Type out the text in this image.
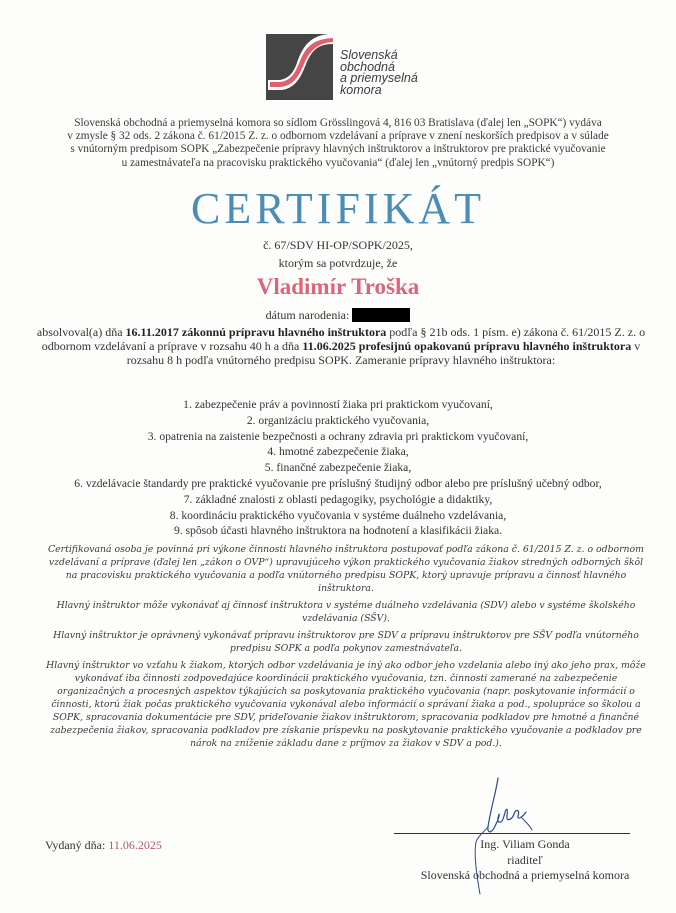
Slovenská
obchodná
a priemyselná
komora
Slovenská obchodná a priemyselná komora so sídlom Grösslingová 4, 816 03 Bratislava (ďalej len „SOPK“) vydáva
v zmysle § 32 ods. 2 zákona č. 61/2015 Z. z. o odbornom vzdelávaní a príprave v znení neskorších predpisov a v súlade
s vnútorným predpisom SOPK „Zabezpečenie prípravy hlavných inštruktorov a inštruktorov pre praktické vyučovanie
u zamestnávateľa na pracovisku praktického vyučovania“ (ďalej len „vnútorný predpis SOPK“)
CERTIFIKÁT
č. 67/SDV HI-OP/SOPK/2025,
ktorým sa potvrdzuje, že
Vladimír Troška
dátum narodenia:
absolvoval(a) dňa 16.11.2017 zákonnú prípravu hlavného inštruktora podľa § 21b ods. 1 písm. e) zákona č. 61/2015 Z. z. o odbornom vzdelávaní a príprave v rozsahu 40 h a dňa 11.06.2025 profesijnú opakovanú prípravu hlavného inštruktora v rozsahu 8 h podľa vnútorného predpisu SOPK. Zameranie prípravy hlavného inštruktora:
1. zabezpečenie práv a povinností žiaka pri praktickom vyučovaní,
2. organizáciu praktického vyučovania,
3. opatrenia na zaistenie bezpečnosti a ochrany zdravia pri praktickom vyučovaní,
4. hmotné zabezpečenie žiaka,
5. finančné zabezpečenie žiaka,
6. vzdelávacie štandardy pre praktické vyučovanie pre príslušný študijný odbor alebo pre príslušný učebný odbor,
7. základné znalosti z oblasti pedagogiky, psychológie a didaktiky,
8. koordináciu praktického vyučovania v systéme duálneho vzdelávania,
9. spôsob účasti hlavného inštruktora na hodnotení a klasifikácii žiaka.

Certifikovaná osoba je povinná pri výkone činnosti hlavného inštruktora postupovať podľa zákona č. 61/2015 Z. z. o odbornom vzdelávaní a príprave (ďalej len „zákon o OVP“) upravujúceho výkon praktického vyučovania žiakov stredných odborných škôl na pracovisku praktického vyučovania a podľa vnútorného predpisu SOPK, ktorý upravuje prípravu a činnosť hlavného inštruktora.

Hlavný inštruktor môže vykonávať aj činnosť inštruktora v systéme duálneho vzdelávania (SDV) alebo v systéme školského vzdelávania (SŠV).

Hlavný inštruktor je oprávnený vykonávať prípravu inštruktorov pre SDV a prípravu inštruktorov pre SŠV podľa vnútorného predpisu SOPK a podľa pokynov zamestnávateľa.

Hlavný inštruktor vo vzťahu k žiakom, ktorých odbor vzdelávania je iný ako odbor jeho vzdelania alebo iný ako jeho prax, môže vykonávať iba činnosti zodpovedajúce koordinácii praktického vyučovania, tzn. činnosti zamerané na zabezpečenie organizačných a procesných aspektov týkajúcich sa poskytovania praktického vyučovania (napr. poskytovanie informácií o činnosti, ktorú žiak počas praktického vyučovania vykonával alebo informácií o správaní žiaka a pod., spolupráce so školou a SOPK, spracovania dokumentácie pre SDV, prideľovanie žiakov inštruktorom, spracovania podkladov pre hmotné a finančné zabezpečenia žiakov, spracovania podkladov pre získanie príspevku na poskytovanie praktického vyučovanie a podkladov pre nárok na zníženie základu dane z príjmov za žiakov v SDV a pod.).

Vydaný dňa: 11.06.2025	Ing. Viliam Gonda
riaditeľ
Slovenská obchodná a priemyselná komora
